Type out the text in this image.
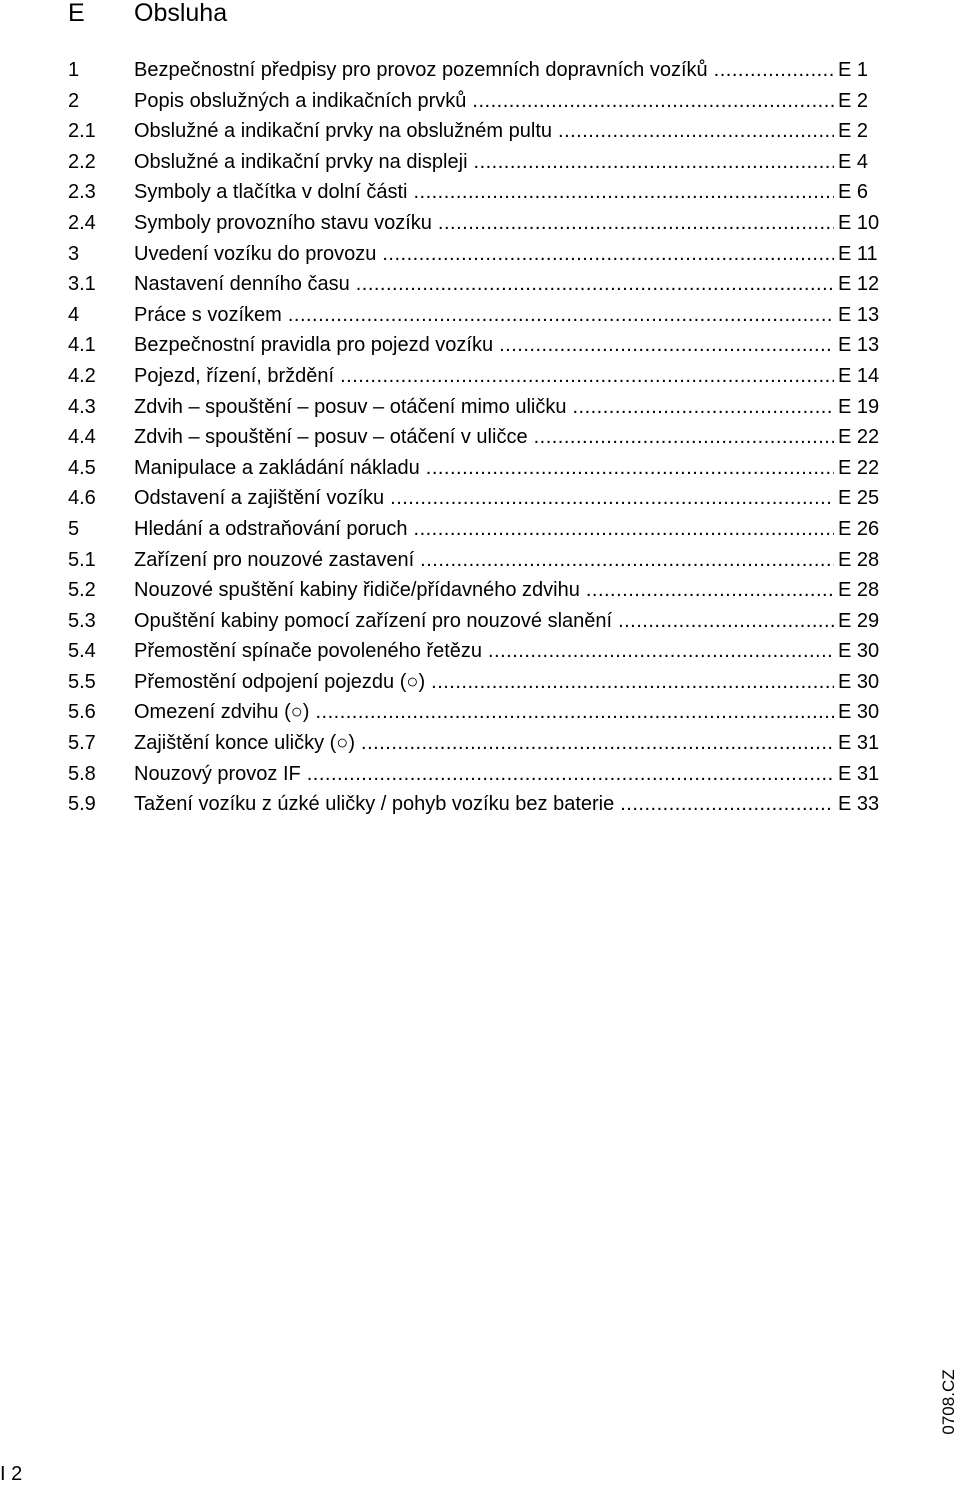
E Obsluha
1	Bezpečnostní předpisy pro provoz pozemních dopravních vozíků .....	E 1
2	Popis obslužných a indikačních prvků .....	E 2
2.1 Obslužné a indikační prvky na obslužném pultu .....	E 2
2.2 Obslužné a indikační prvky na displeji .....	E 4
2.3 Symboly a tlačítka v dolní části .....	E 6
2.4 Symboly provozního stavu vozíku .....	E 10
3	Uvedení vozíku do provozu .....	E 11
3.1 Nastavení denního času .....	E 12
4	Práce s vozíkem .....	E 13
4.1 Bezpečnostní pravidla pro pojezd vozíku .....	E 13
4.2 Pojezd, řízení, brždění .....	E 14
4.3 Zdvih – spouštění – posuv – otáčení mimo uličku .....	E 19
4.4 Zdvih – spouštění – posuv – otáčení v uličce .....	E 22
4.5 Manipulace a zakládání nákladu .....	E 22
4.6 Odstavení a zajištění vozíku .....	E 25
5	Hledání a odstraňování poruch .....	E 26
5.1 Zařízení pro nouzové zastavení .....	E 28
5.2 Nouzové spuštění kabiny řidiče/přídavného zdvihu .....	E 28
5.3 Opuštění kabiny pomocí zařízení pro nouzové slanění .....	E 29
5.4 Přemostění spínače povoleného řetězu .....	E 30
5.5 Přemostění odpojení pojezdu (○) .....	E 30
5.6 Omezení zdvihu (○) .....	E 30
5.7 Zajištění konce uličky (○) .....	E 31
5.8 Nouzový provoz IF .....	E 31
5.9 Tažení vozíku z úzké uličky / pohyb vozíku bez baterie .....	E 33
0708.CZ
I 2
